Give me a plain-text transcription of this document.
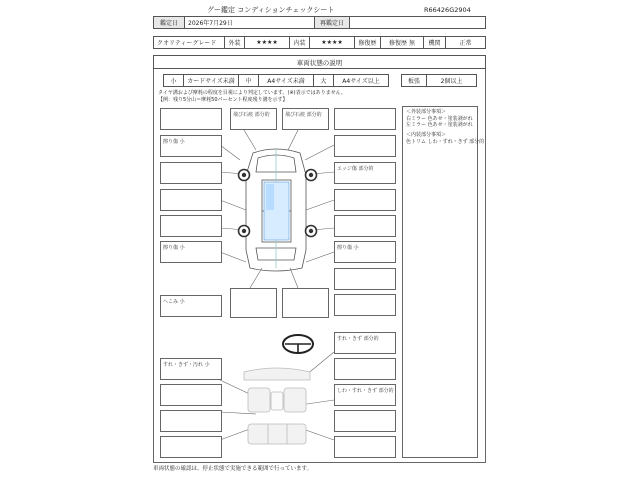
グー鑑定 コンディションチェックシート	R66426G2904
鑑定日	2026年7月29日	再鑑定日
クオリティーグレード	外装	★★★★	内装	★★★★	修復歴	修復歴 無	機関	正常
車両状態の説明
小	カードサイズ未満	中	A4サイズ未満	大	A4サイズ以上	板張	2個以上
タイヤ溝および摩耗の程度を目視により判定しています。(※)表示ではありません。
【例：残り5分山＝摩耗50パーセント程度残り溝を示す】
擦り傷 小
擦り傷 小
へこみ 小
すれ・きず・汚れ 小
飛び石痕 部分的	飛び石痕 部分的
エッジ傷 部分的
擦り傷 小
すれ・きず 部分的
しわ・すれ・きず 部分的
＜外装部分事項＞
右ミラー 色あせ・塗装剥がれ
左ミラー 色あせ・塗装剥がれ
＜内装部分事項＞
色トリム しわ・すれ・きず 部分的
車両状態の確認は、停止状態で実施できる範囲で行っています。
